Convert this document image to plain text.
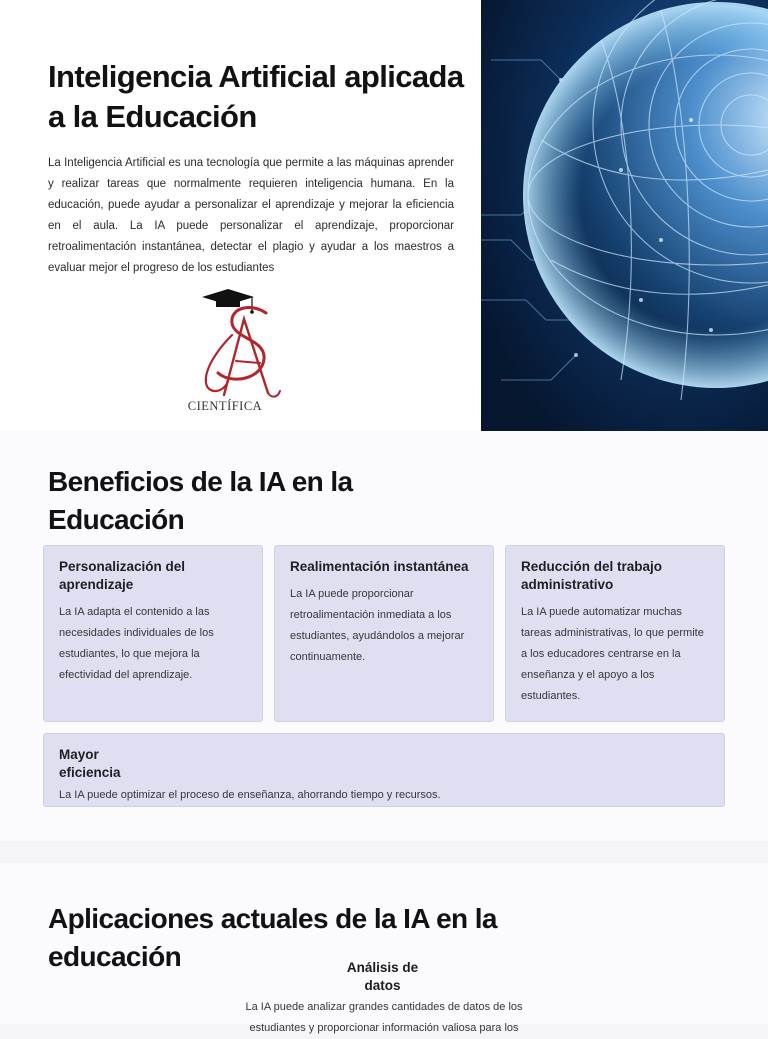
Inteligencia Artificial aplicada a la Educación

La Inteligencia Artificial es una tecnología que permite a las máquinas aprender y realizar tareas que normalmente requieren inteligencia humana. En la educación, puede ayudar a personalizar el aprendizaje y mejorar la eficiencia en el aula. La IA puede personalizar el aprendizaje, proporcionar retroalimentación instantánea, detectar el plagio y ayudar a los maestros a evaluar mejor el progreso de los estudiantes

CIENTÍFICA
Beneficios de la IA en la Educación
Personalización del aprendizaje

La IA adapta el contenido a las necesidades individuales de los estudiantes, lo que mejora la efectividad del aprendizaje.

Realimentación instantánea

La IA puede proporcionar retroalimentación inmediata a los estudiantes, ayudándolos a mejorar continuamente.

Reducción del trabajo administrativo

La IA puede automatizar muchas tareas administrativas, lo que permite a los educadores centrarse en la enseñanza y el apoyo a los estudiantes.

Mayor eficiencia

La IA puede optimizar el proceso de enseñanza, ahorrando tiempo y recursos.

Aplicaciones actuales de la IA en la educación	Análisis de datos

La IA puede analizar grandes cantidades de datos de los estudiantes y proporcionar información valiosa para los
